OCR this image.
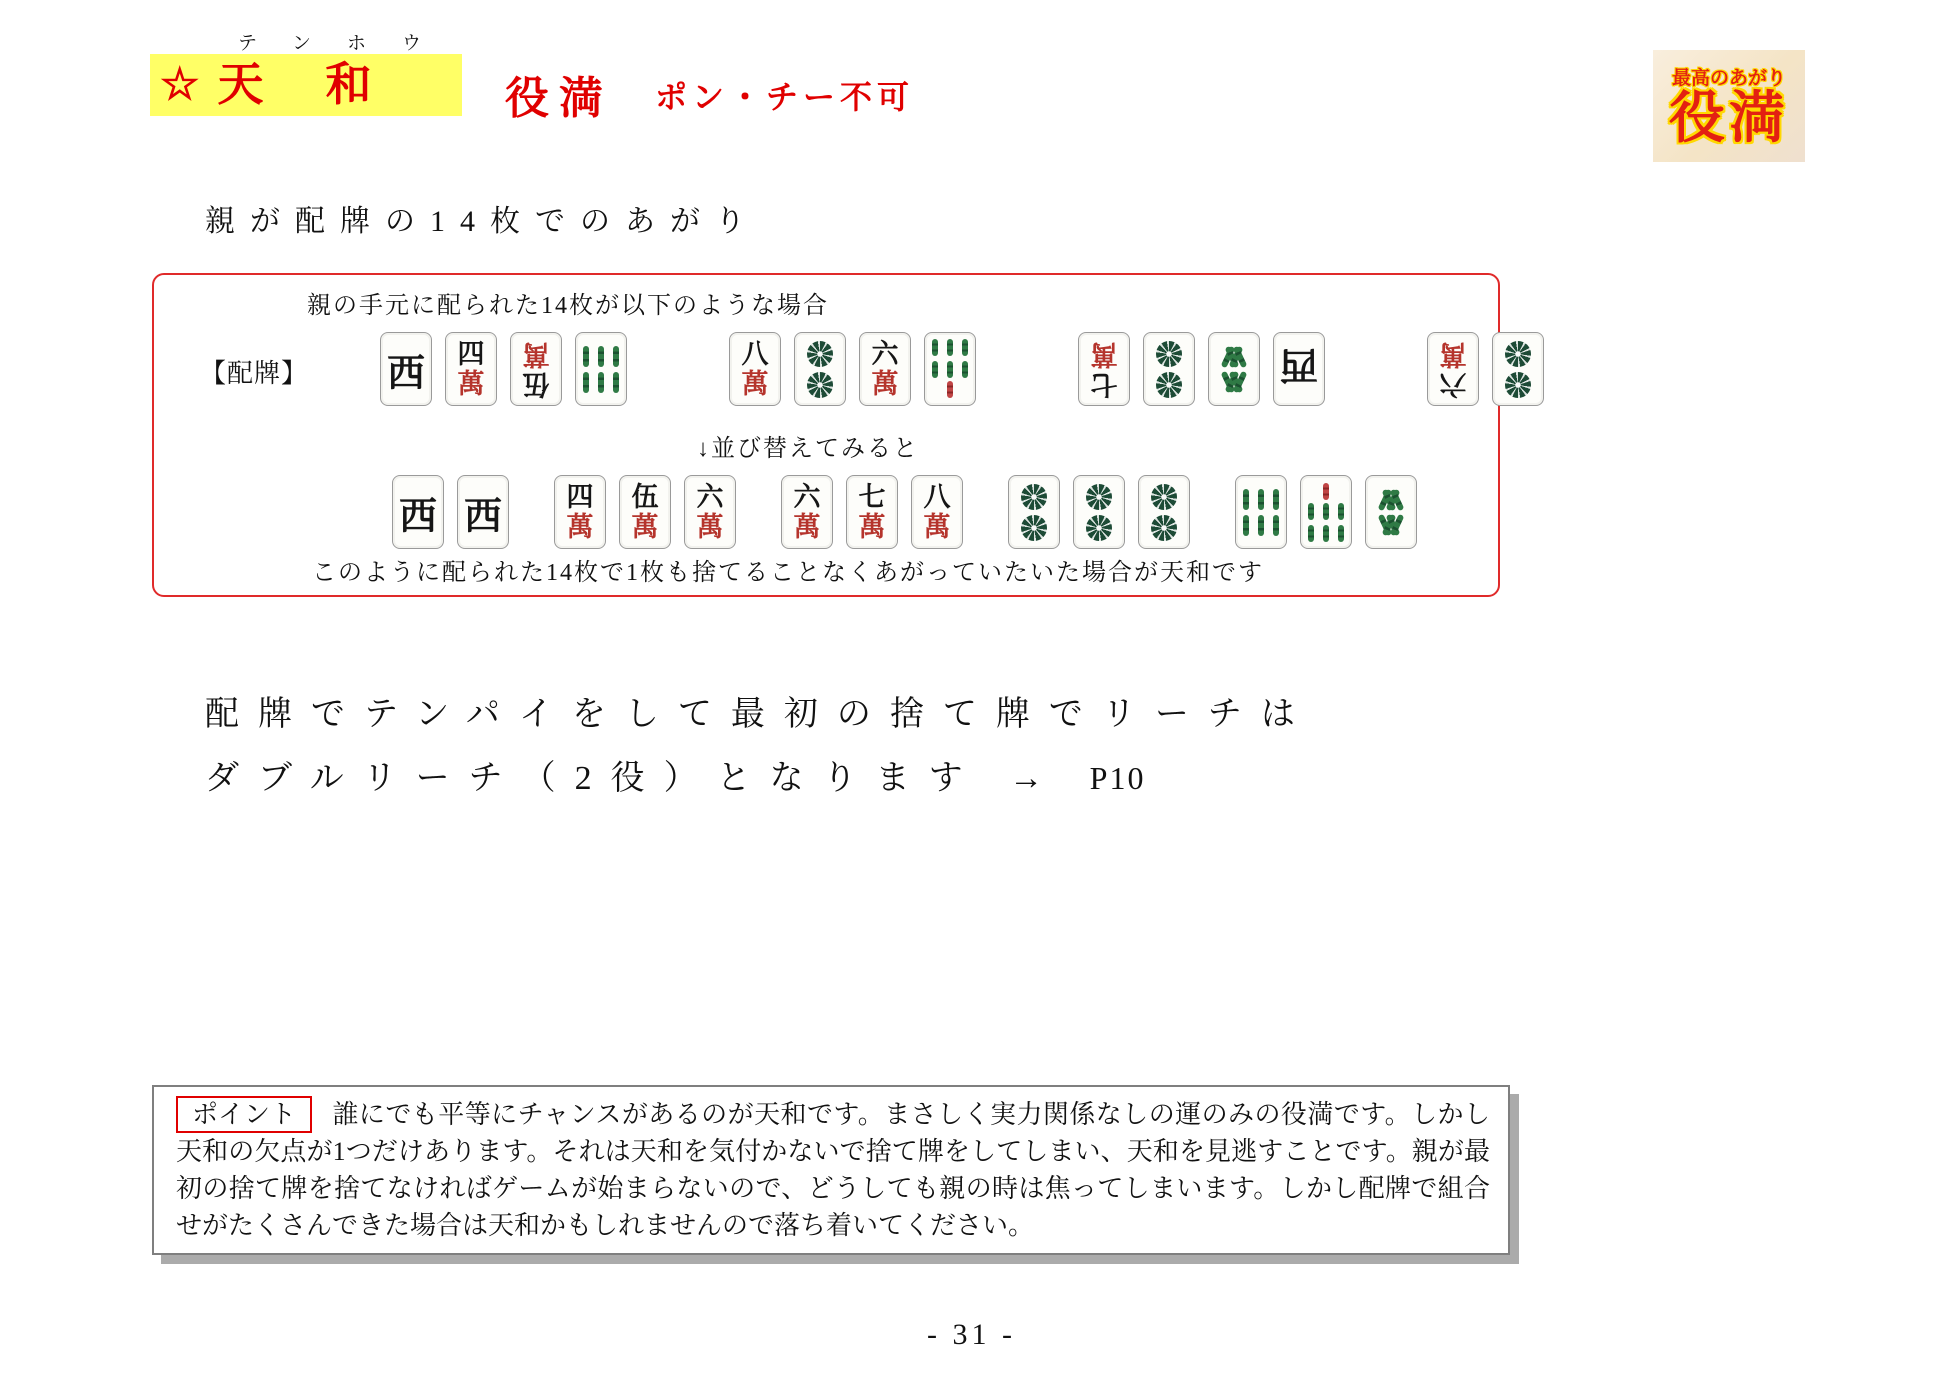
テンホウ
☆ 天　和	役満 ポン・チー不可
最高のあがり
役満
親が配牌の14枚でのあがり
親の手元に配られた14枚が以下のような場合
【配牌】 西 四
萬 伍
萬	八
萬
六
萬	七
萬	西	六
萬
↓並び替えてみると
西 西 四
萬
伍
萬
六
萬
六
萬
七
萬
八
萬
このように配られた14枚で1枚も捨てることなくあがっていたいた場合が天和です
配牌でテンパイをして最初の捨て牌でリーチは
ダブルリーチ（2役）となります → P10
ポイント 誰にでも平等にチャンスがあるのが天和です。まさしく実力関係なしの運のみの役満です。しかし天和の欠点が1つだけあります。それは天和を気付かないで捨て牌をしてしまい、天和を見逃すことです。親が最初の捨て牌を捨てなければゲームが始まらないので、どうしても親の時は焦ってしまいます。しかし配牌で組合せがたくさんできた場合は天和かもしれませんので落ち着いてください。
- 31 -
